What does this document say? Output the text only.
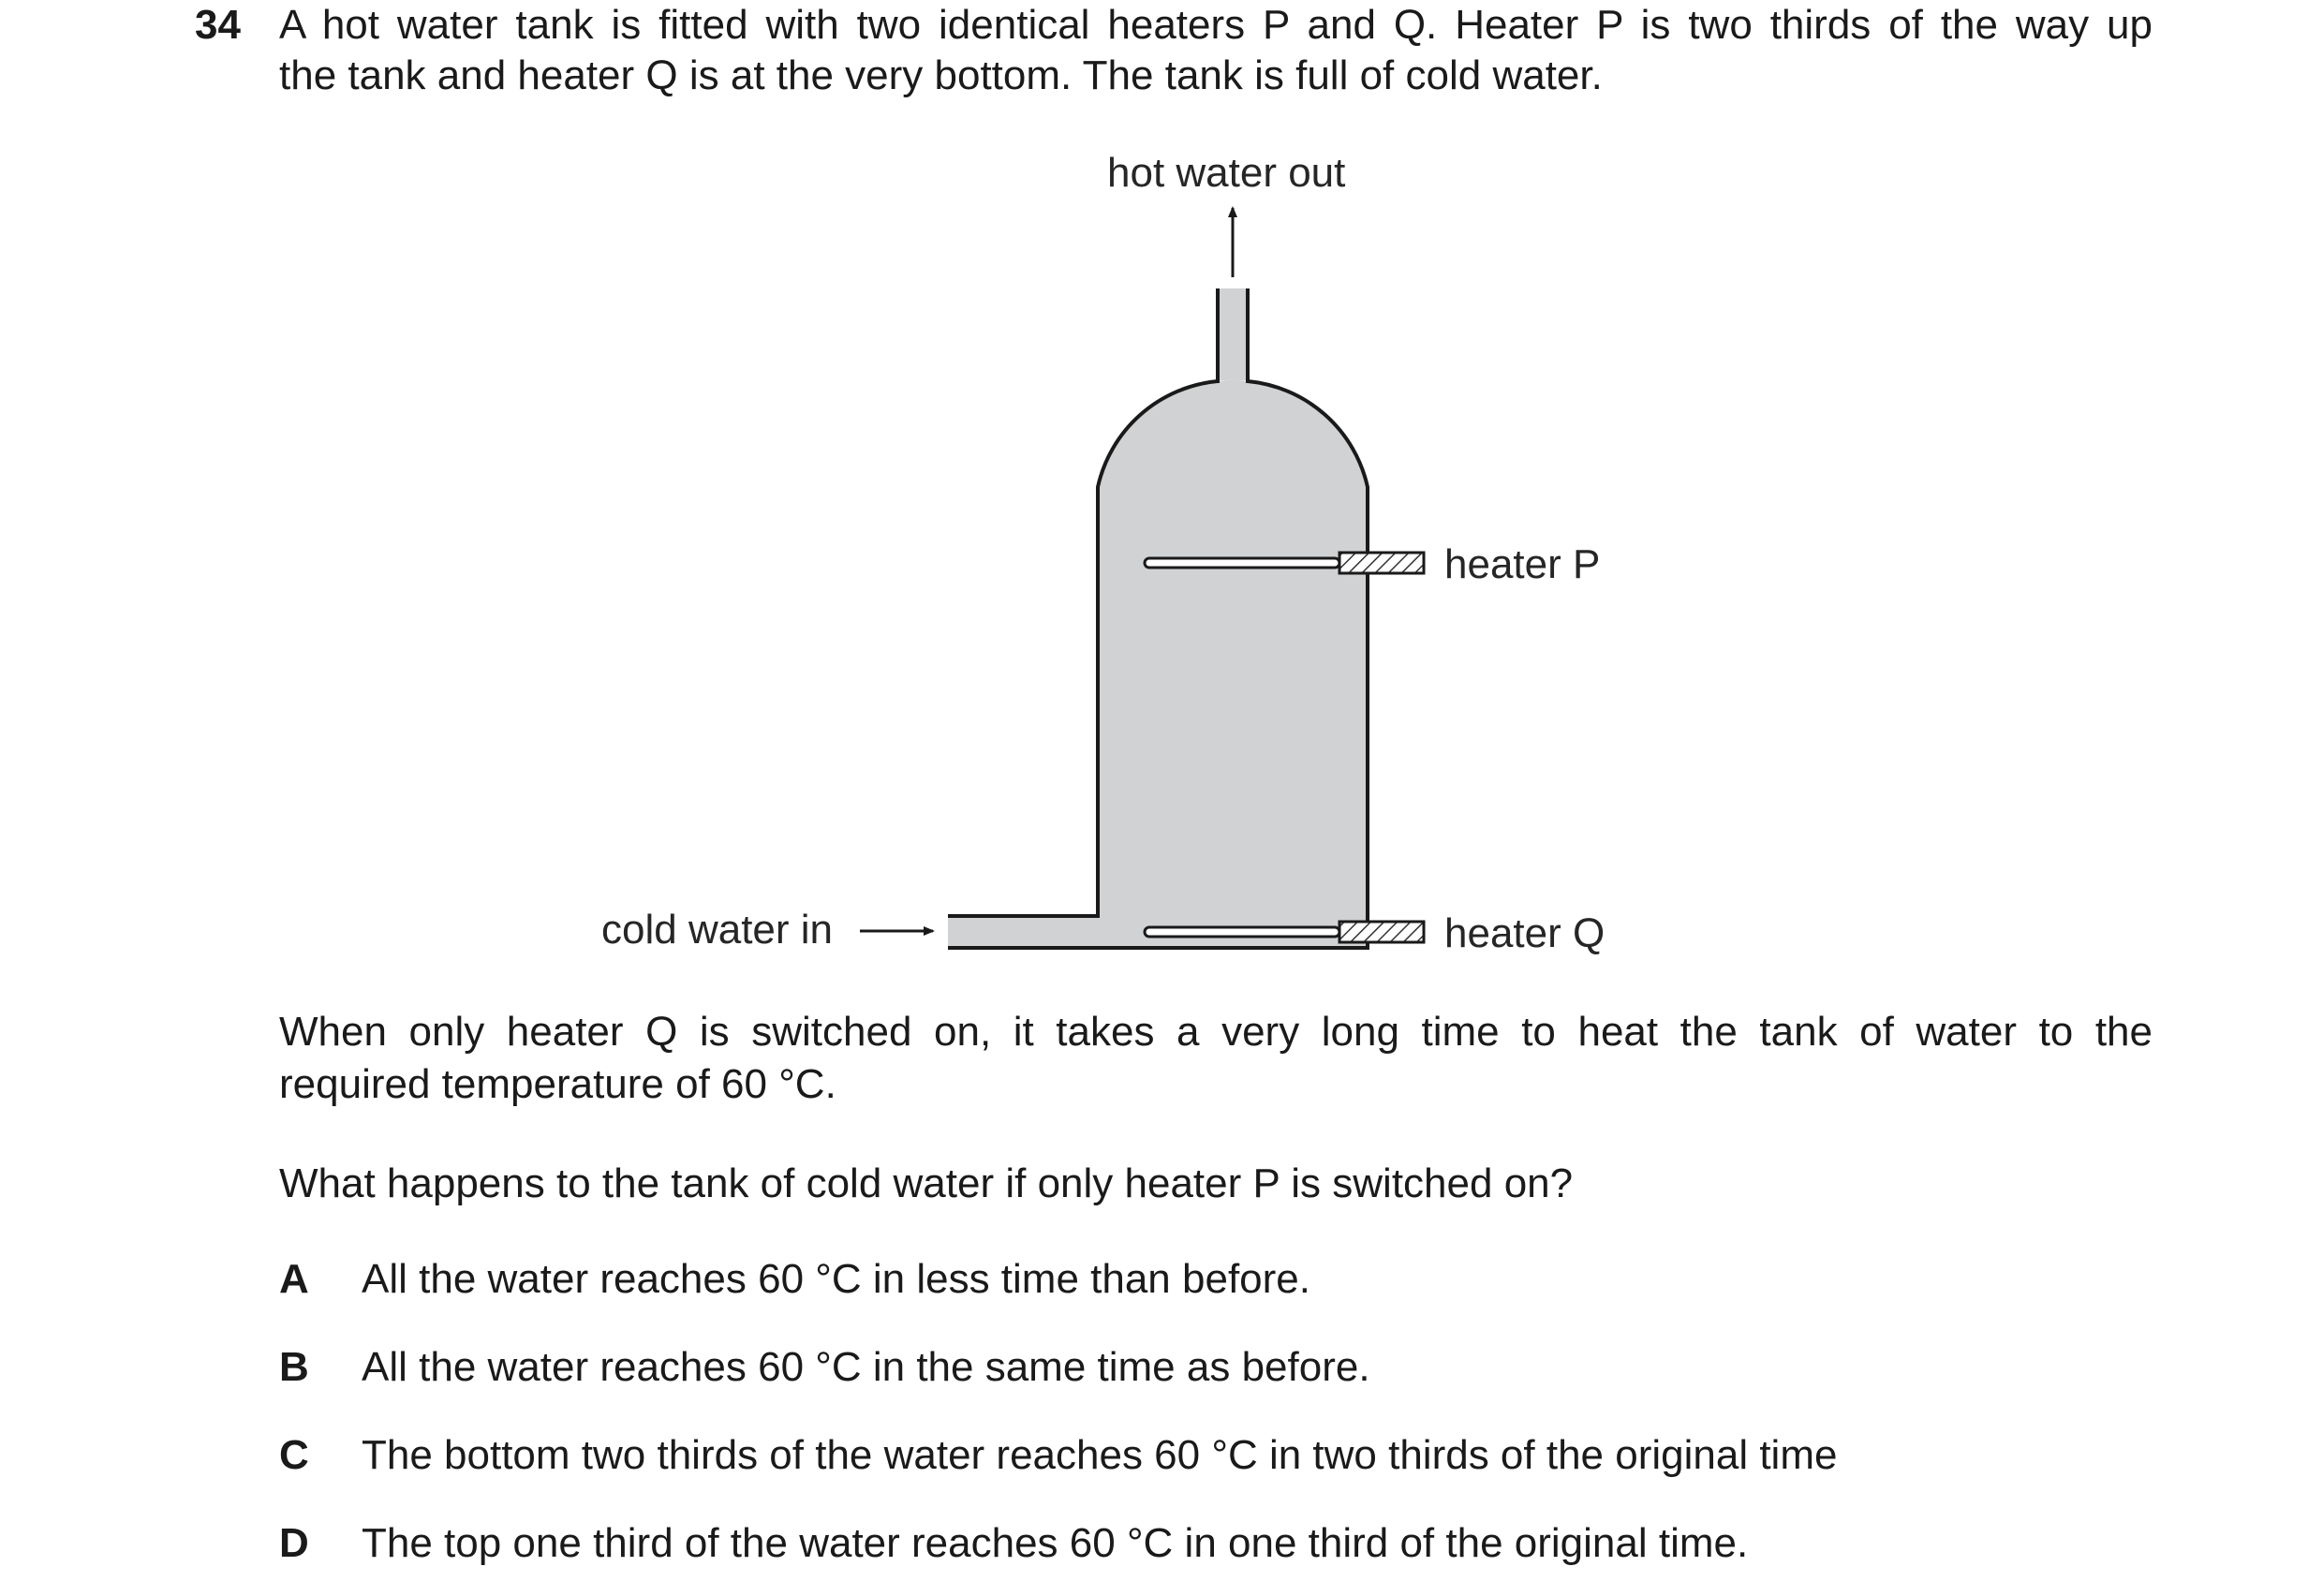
34 A hot water tank is fitted with two identical heaters P and Q. Heater P is two thirds of the way up
the tank and heater Q is at the very bottom. The tank is full of cold water.
hot water out
cold water in
heater P
heater Q
When only heater Q is switched on, it takes a very long time to heat the tank of water to the
required temperature of 60 °C.
What happens to the tank of cold water if only heater P is switched on?
A All the water reaches 60 °C in less time than before.
B All the water reaches 60 °C in the same time as before.
C The bottom two thirds of the water reaches 60 °C in two thirds of the original time
D The top one third of the water reaches 60 °C in one third of the original time.
